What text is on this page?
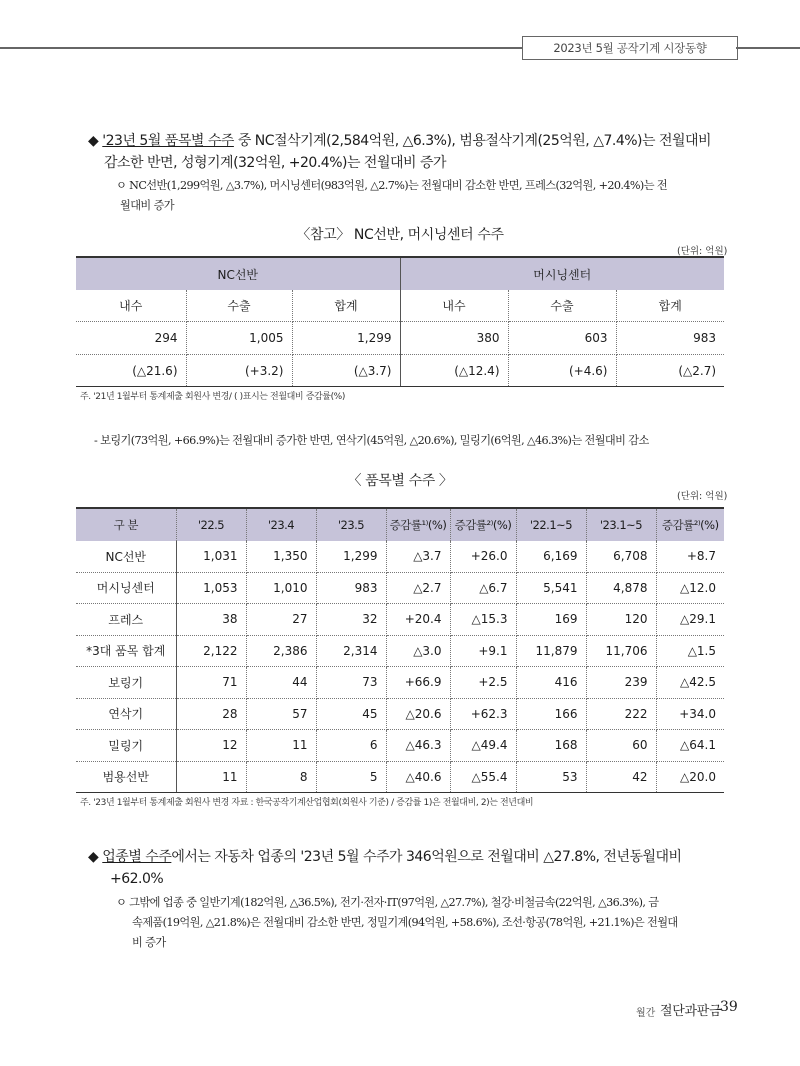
2023년 5월 공작기계 시장동향
◆ '23년 5월 품목별 수주 중 NC절삭기계(2,584억원, △6.3%), 범용절삭기계(25억원, △7.4%)는 전월대비
감소한 반면, 성형기계(32억원, +20.4%)는 전월대비 증가
ㅇ NC선반(1,299억원, △3.7%), 머시닝센터(983억원, △2.7%)는 전월대비 감소한 반면, 프레스(32억원, +20.4%)는 전
월대비 증가
〈참고〉 NC선반, 머시닝센터 수주
(단위: 억원)
NC선반			머시닝센터		
내수	수출	합계	내수	수출	합계
294	1,005	1,299	380	603	983
(△21.6)	(+3.2)	(△3.7)	(△12.4)	(+4.6)	(△2.7)
주. '21년 1월부터 통계제출 회원사 변경/ ( )표시는 전월대비 증감률(%)
- 보링기(73억원, +66.9%)는 전월대비 증가한 반면, 연삭기(45억원, △20.6%), 밀링기(6억원, △46.3%)는 전월대비 감소
〈 품목별 수주 〉
(단위: 억원)
구 분	'22.5	'23.4	'23.5	증감률¹⁾(%)	증감률²⁾(%)	'22.1~5	'23.1~5	증감률²⁾(%)
NC선반	1,031	1,350	1,299	△3.7	+26.0	6,169	6,708	+8.7
머시닝센터	1,053	1,010	983	△2.7	△6.7	5,541	4,878	△12.0
프레스	38	27	32	+20.4	△15.3	169	120	△29.1
*3대 품목 합계	2,122	2,386	2,314	△3.0	+9.1	11,879	11,706	△1.5
보링기	71	44	73	+66.9	+2.5	416	239	△42.5
연삭기	28	57	45	△20.6	+62.3	166	222	+34.0
밀링기	12	11	6	△46.3	△49.4	168	60	△64.1
범용선반	11	8	5	△40.6	△55.4	53	42	△20.0
주. '23년 1월부터 통계제출 회원사 변경 자료 : 한국공작기계산업협회(회원사 기준) / 증감률 1)은 전월대비, 2)는 전년대비
◆ 업종별 수주에서는 자동차 업종의 '23년 5월 수주가 346억원으로 전월대비 △27.8%, 전년동월대비
+62.0%
ㅇ 그밖에 업종 중 일반기계(182억원, △36.5%), 전기·전자·IT(97억원, △27.7%), 철강·비철금속(22억원, △36.3%), 금
속제품(19억원, △21.8%)은 전월대비 감소한 반면, 정밀기계(94억원, +58.6%), 조선·항공(78억원, +21.1%)은 전월대
비 증가
월간 절단과판금
39
